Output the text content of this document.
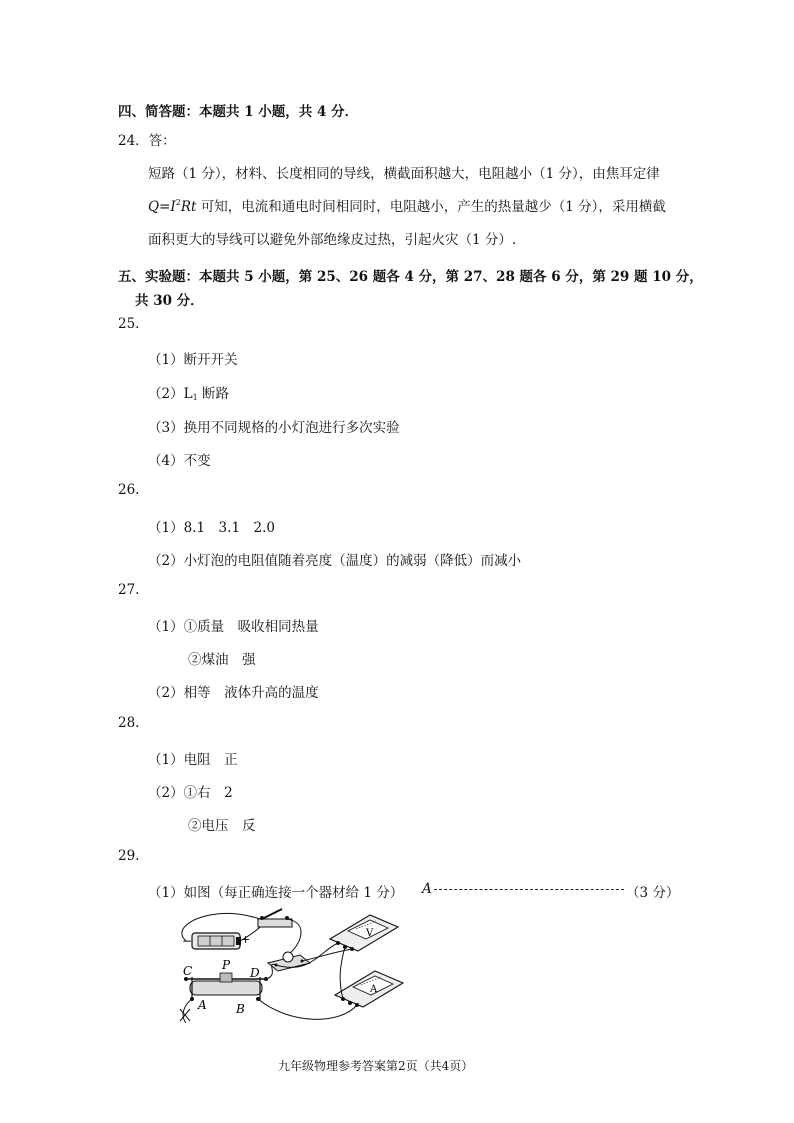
四、简答题：本题共 1 小题，共 4 分．
24．答：
短路（1 分），材料、长度相同的导线，横截面积越大，电阻越小（1 分），由焦耳定律
$Q=I^2Rt$ 可知，电流和通电时间相同时，电阻越小，产生的热量越少（1 分），采用横截
面积更大的导线可以避免外部绝缘皮过热，引起火灾（1 分）.
五、实验题：本题共 5 小题，第 25、26 题各 4 分，第 27、28 题各 6 分，第 29 题 10 分，
共 30 分．
25.
（1）断开开关
$(2)L_1$ 断路
（3）换用不同规格的小灯泡进行多次实验
（4）不变
26.
（1）8.1　3.1　2.0
（2）小灯泡的电阻值随着亮度（温度）的减弱（降低）而减小
27.
（1）①质量　吸收相同热量
②煤油　强
（2）相等　液体升高的温度
28.
（1）电阻　正
（2）①右　2
②电压　反
29.
（1）如图（每正确连接一个器材给 1 分） A	（3 分）
−	+	V
A
C P
D
A B
九年级物理参考答案第2页（共4页）
